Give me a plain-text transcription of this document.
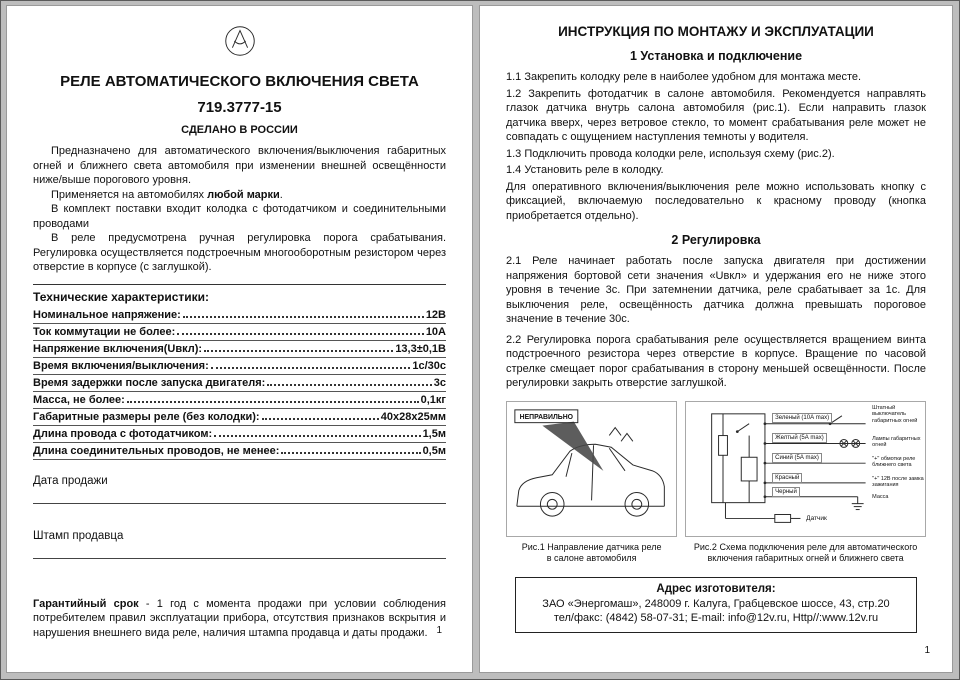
РЕЛЕ АВТОМАТИЧЕСКОГО ВКЛЮЧЕНИЯ СВЕТА
719.3777-15
СДЕЛАНО В РОССИИ

Предназначено для автоматического включения/выключения габаритных огней и ближнего света автомобиля при изменении внешней освещённости ниже/выше порогового уровня.

Применяется на автомобилях любой марки.

В комплект поставки входит колодка с фотодатчиком и соединительными проводами

В реле предусмотрена ручная регулировка порога срабатывания. Регулировка осуществляется подстроечным многооборотным резистором через отверстие в корпусе (с заглушкой).

Технические характеристики:
Номинальное напряжение:	12В
Ток коммутации не более:	10А
Напряжение включения(Uвкл):	13,3±0,1В
Время включения/выключения:	1с/30с
Время задержки после запуска двигателя:	3с
Масса, не более:	0,1кг
Габаритные размеры реле (без колодки):	40х28х25мм
Длина провода с фотодатчиком:	1,5м
Длина соединительных проводов, не менее:	0,5м
Дата продажи
Штамп продавца

Гарантийный срок - 1 год с момента продажи при условии соблюдения потребителем правил эксплуатации прибора, отсутствия признаков вскрытия и нарушения внешнего вида реле, наличия штампа продавца и даты продажи. 1
ИНСТРУКЦИЯ ПО МОНТАЖУ И ЭКСПЛУАТАЦИИ
1 Установка и подключение

1.1 Закрепить колодку реле в наиболее удобном для монтажа месте.

1.2 Закрепить фотодатчик в салоне автомобиля. Рекомендуется направлять глазок датчика внутрь салона автомобиля (рис.1). Если направить глазок датчика вверх, через ветровое стекло, то момент срабатывания реле может не совпадать с ощущением наступления темноты у водителя.

1.3 Подключить провода колодки реле, используя схему (рис.2).

1.4 Установить реле в колодку.

Для оперативного включения/выключения реле можно использовать кнопку с фиксацией, включаемую последовательно к красному проводу (кнопка приобретается отдельно).

2 Регулировка

2.1 Реле начинает работать после запуска двигателя при достижении напряжения бортовой сети значения «Uвкл» и удержания его не ниже этого уровня в течение 3с. При затемнении датчика, реле срабатывает за 1с. Для выключения реле, освещённость датчика должна превышать пороговое значение в течение 30с.

2.2 Регулировка порога срабатывания реле осуществляется вращением винта подстроечного резистора через отверстие в корпусе. Вращение по часовой стрелке смещает порог срабатывания в сторону меньшей освещённости. После регулировки закрыть отверстие заглушкой.

НЕПРАВИЛЬНО	Зеленый (10А max)
Желтый (5А max)
Синий (5А max)
Красный
Черный
Штатный выключатель габаритных огней
Лампы габаритных огней
"+" обмотки реле ближнего света
"+" 12В после замка зажигания
Масса
Датчик
Рис.1 Направление датчика реле в салоне автомобиля
Рис.2 Схема подключения реле для автоматического включения габаритных огней и ближнего света
Адрес изготовителя:
ЗАО «Энергомаш», 248009 г. Калуга, Грабцевское шоссе, 43, стр.20
тел/факс: (4842) 58-07-31; E-mail: info@12v.ru, Http//:www.12v.ru
1
